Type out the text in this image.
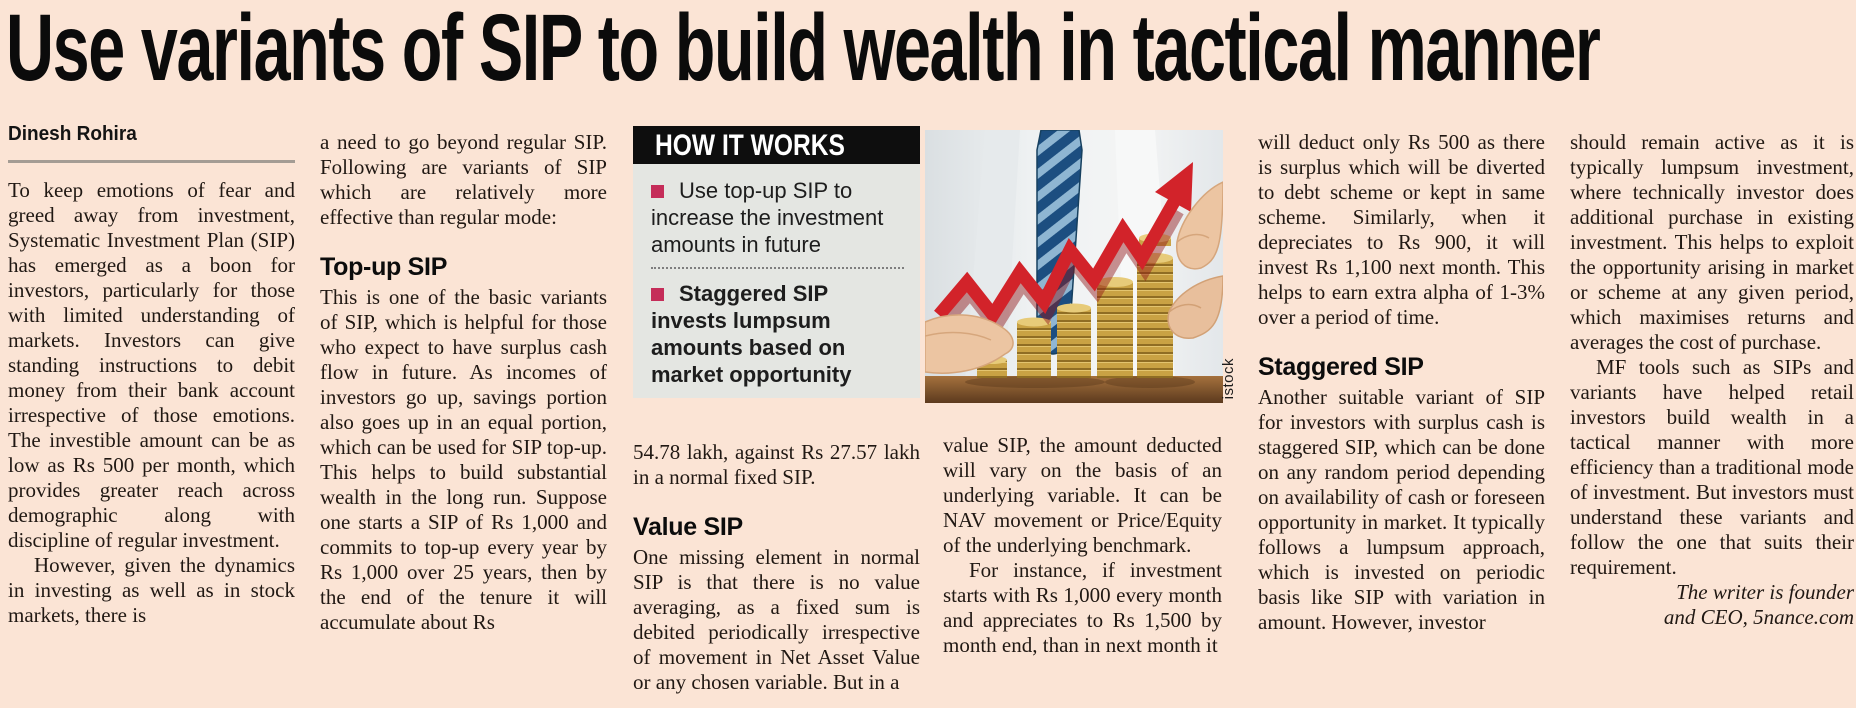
Use variants of SIP to build wealth in tactical manner
Dinesh Rohira

To keep emotions of fear and greed away from investment, Systematic Investment Plan (SIP) has emerged as a boon for investors, particularly for those with limited understanding of markets. Investors can give standing instructions to debit money from their bank account irrespective of those emotions. The investible amount can be as low as Rs 500 per month, which provides greater reach across demographic along with discipline of regular investment.

However, given the dynamics in investing as well as in stock markets, there is

a need to go beyond regular SIP. Following are variants of SIP which are relatively more effective than regular mode:

Top-up SIP

This is one of the basic variants of SIP, which is helpful for those who expect to have surplus cash flow in future. As incomes of investors go up, savings portion also goes up in an equal portion, which can be used for SIP top-up. This helps to build substantial wealth in the long run. Suppose one starts a SIP of Rs 1,000 and commits to top-up every year by Rs 1,000 over 25 years, then by the end of the tenure it will accumulate about Rs

HOW IT WORKS
Use top-up SIP to increase the investment amounts in future
Staggered SIP invests lumpsum amounts based on market opportunity

54.78 lakh, against Rs 27.57 lakh in a normal fixed SIP.

Value SIP

One missing element in normal SIP is that there is no value averaging, as a fixed sum is debited periodically irrespective of movement in Net Asset Value or any chosen variable. But in a

istock

value SIP, the amount deducted will vary on the basis of an underlying variable. It can be NAV movement or Price/Equity of the underlying benchmark.

For instance, if investment starts with Rs 1,000 every month and appreciates to Rs 1,500 by month end, than in next month it

will deduct only Rs 500 as there is surplus which will be diverted to debt scheme or kept in same scheme. Similarly, when it depreciates to Rs 900, it will invest Rs 1,100 next month. This helps to earn extra alpha of 1-3% over a period of time.

Staggered SIP

Another suitable variant of SIP for investors with surplus cash is staggered SIP, which can be done on any random period depending on availability of cash or foreseen opportunity in market. It typically follows a lumpsum approach, which is invested on periodic basis like SIP with variation in amount. However, investor

should remain active as it is typically lumpsum investment, where technically investor does additional purchase in existing investment. This helps to exploit the opportunity arising in market or scheme at any given period, which maximises returns and averages the cost of purchase.

MF tools such as SIPs and variants have helped retail investors build wealth in a tactical manner with more efficiency than a traditional mode of investment. But investors must understand these variants and follow the one that suits their requirement.

The writer is founder

and CEO, 5nance.com
